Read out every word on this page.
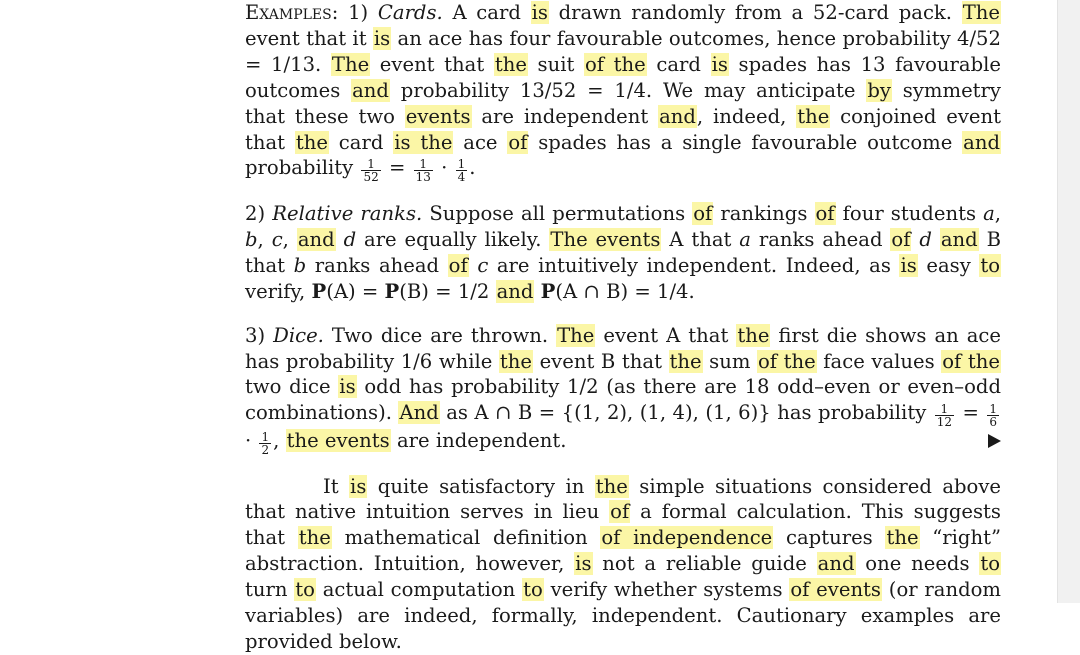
Examples: 1) Cards. A card is drawn randomly from a 52-card pack. The event that it is an ace has four favourable outcomes, hence probability 4/52 = 1/13. The event that the suit of the card is spades has 13 favourable outcomes and probability 13/52 = 1/4. We may anticipate by symmetry that these two events are independent and, indeed, the conjoined event that the card is the ace of spades has a single favourable outcome and probability $\frac{1}{52} = \frac{1}{13} \cdot \frac{1}{4}$ .

2) Relative ranks. Suppose all permutations of rankings of four students a, b, c, and d are equally likely. The events A that a ranks ahead of d and B that b ranks ahead of c are intuitively independent. Indeed, as is easy to verify, P(A) = P(B) = 1/2 and P(A ∩ B) = 1/4.

3) Dice. Two dice are thrown. The event A that the first die shows an ace has probability 1/6 while the event B that the sum of the face values of the two dice is odd has probability 1/2 (as there are 18 odd–even or even–odd combinations). And as A ∩ B = {(1, 2), (1, 4), (1, 6)} has probability $\frac{1}{12} = \frac{1}{6}$
· $\frac{1}{2}$ , the events are independent.

It is quite satisfactory in the simple situations considered above that native intuition serves in lieu of a formal calculation. This suggests that the mathematical definition of independence captures the “right” abstraction. Intuition, however, is not a reliable guide and one needs to turn to actual computation to verify whether systems of events (or random variables) are indeed, formally, independent. Cautionary examples are provided below.
